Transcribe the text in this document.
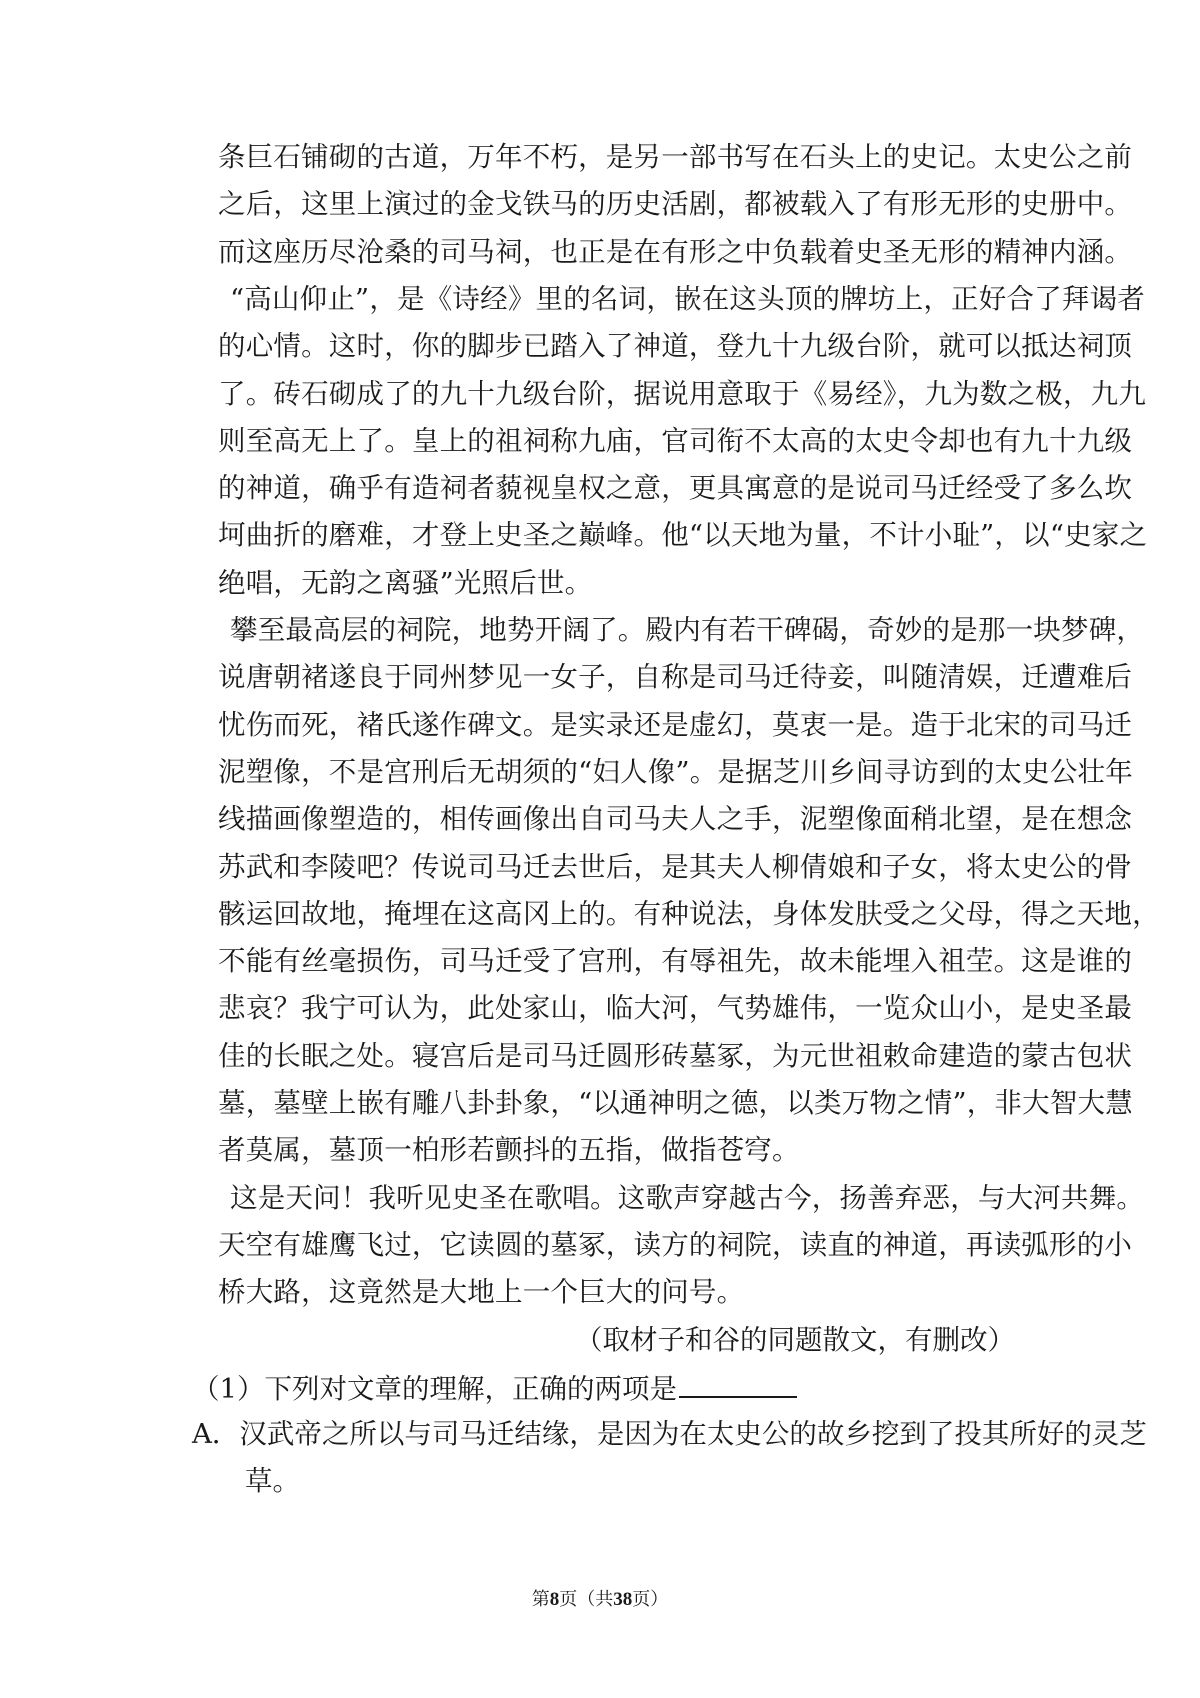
条巨石铺砌的古道，万年不朽，是另一部书写在石头上的史记。太史公之前
之后，这里上演过的金戈铁马的历史活剧，都被载入了有形无形的史册中。
而这座历尽沧桑的司马祠，也正是在有形之中负载着史圣无形的精神内涵。
“高山仰止”，是《诗经》里的名词，嵌在这头顶的牌坊上，正好合了拜谒者
的心情。这时，你的脚步已踏入了神道，登九十九级台阶，就可以抵达祠顶
了。砖石砌成了的九十九级台阶，据说用意取于《易经》，九为数之极，九九
则至高无上了。皇上的祖祠称九庙，官司衔不太高的太史令却也有九十九级
的神道，确乎有造祠者藐视皇权之意，更具寓意的是说司马迁经受了多么坎
坷曲折的磨难，才登上史圣之巅峰。他“以天地为量，不计小耻”，以“史家之
绝唱，无韵之离骚”光照后世。
攀至最高层的祠院，地势开阔了。殿内有若干碑碣，奇妙的是那一块梦碑，
说唐朝褚遂良于同州梦见一女子，自称是司马迁待妾，叫随清娱，迁遭难后
忧伤而死，褚氏遂作碑文。是实录还是虚幻，莫衷一是。造于北宋的司马迁
泥塑像，不是宫刑后无胡须的“妇人像”。是据芝川乡间寻访到的太史公壮年
线描画像塑造的，相传画像出自司马夫人之手，泥塑像面稍北望，是在想念
苏武和李陵吧？传说司马迁去世后，是其夫人柳倩娘和子女，将太史公的骨
骸运回故地，掩埋在这高冈上的。有种说法，身体发肤受之父母，得之天地，
不能有丝毫损伤，司马迁受了宫刑，有辱祖先，故未能埋入祖茔。这是谁的
悲哀？我宁可认为，此处家山，临大河，气势雄伟，一览众山小，是史圣最
佳的长眠之处。寝宫后是司马迁圆形砖墓冢，为元世祖敕命建造的蒙古包状
墓，墓壁上嵌有雕八卦卦象，“以通神明之德，以类万物之情”，非大智大慧
者莫属，墓顶一柏形若颤抖的五指，做指苍穹。
这是天问！我听见史圣在歌唱。这歌声穿越古今，扬善弃恶，与大河共舞。
天空有雄鹰飞过，它读圆的墓冢，读方的祠院，读直的神道，再读弧形的小
桥大路，这竟然是大地上一个巨大的问号。
（取材子和谷的同题散文，有删改）
（1）下列对文章的理解，正确的两项是
A．汉武帝之所以与司马迁结缘，是因为在太史公的故乡挖到了投其所好的灵芝
草。
第8页（共38页）
